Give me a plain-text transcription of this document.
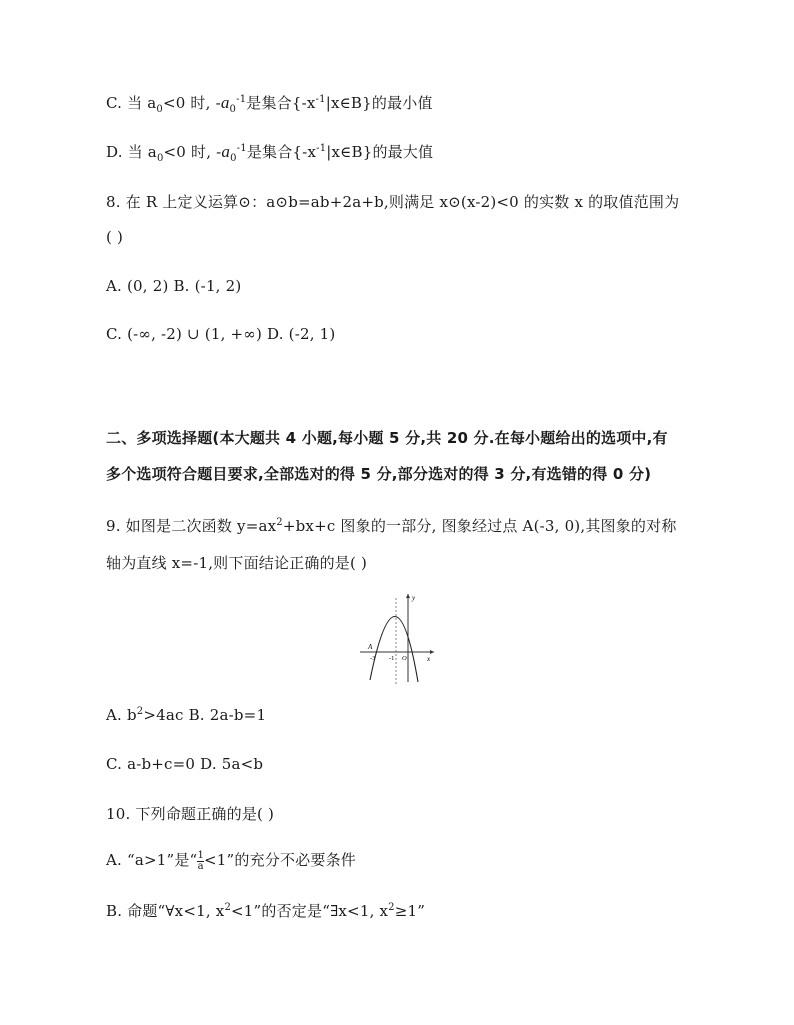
C. 当 $a_0<0$ 时, $-a_0^{-1}$是集合$\{-x^{-1}|x\in B\}$的最小值
D. 当 $a_0<0$ 时, $-a_0^{-1}$是集合$\{-x^{-1}|x\in B\}$的最大值
8. 在 R 上定义运算⊙：a⊙b=ab+2a+b,则满足 x⊙(x-2)<0 的实数 x 的取值范围为
( )
A. (0, 2) B. (-1, 2)
C. (-∞, -2) ∪ (1, +∞) D. (-2, 1)
二、多项选择题(本大题共 4 小题,每小题 5 分,共 20 分.在每小题给出的选项中,有
多个选项符合题目要求,全部选对的得 5 分,部分选对的得 3 分,有选错的得 0 分)
9. 如图是二次函数 $y=ax^2+bx+c$ 图象的一部分, 图象经过点 A(-3, 0),其图象的对称
轴为直线 x=-1,则下面结论正确的是( )
y
x
A
-3 -1 O
A. $b^2>4ac$ B. 2a-b=1
C. a-b+c=0 D. 5a<b
10. 下列命题正确的是( )
A. “a>1”是“ $\frac{1}{a} <1$”的充分不必要条件
B. 命题“∀x<1, $x^2<1$”的否定是“∃x<1, $x^2\ge 1$”
